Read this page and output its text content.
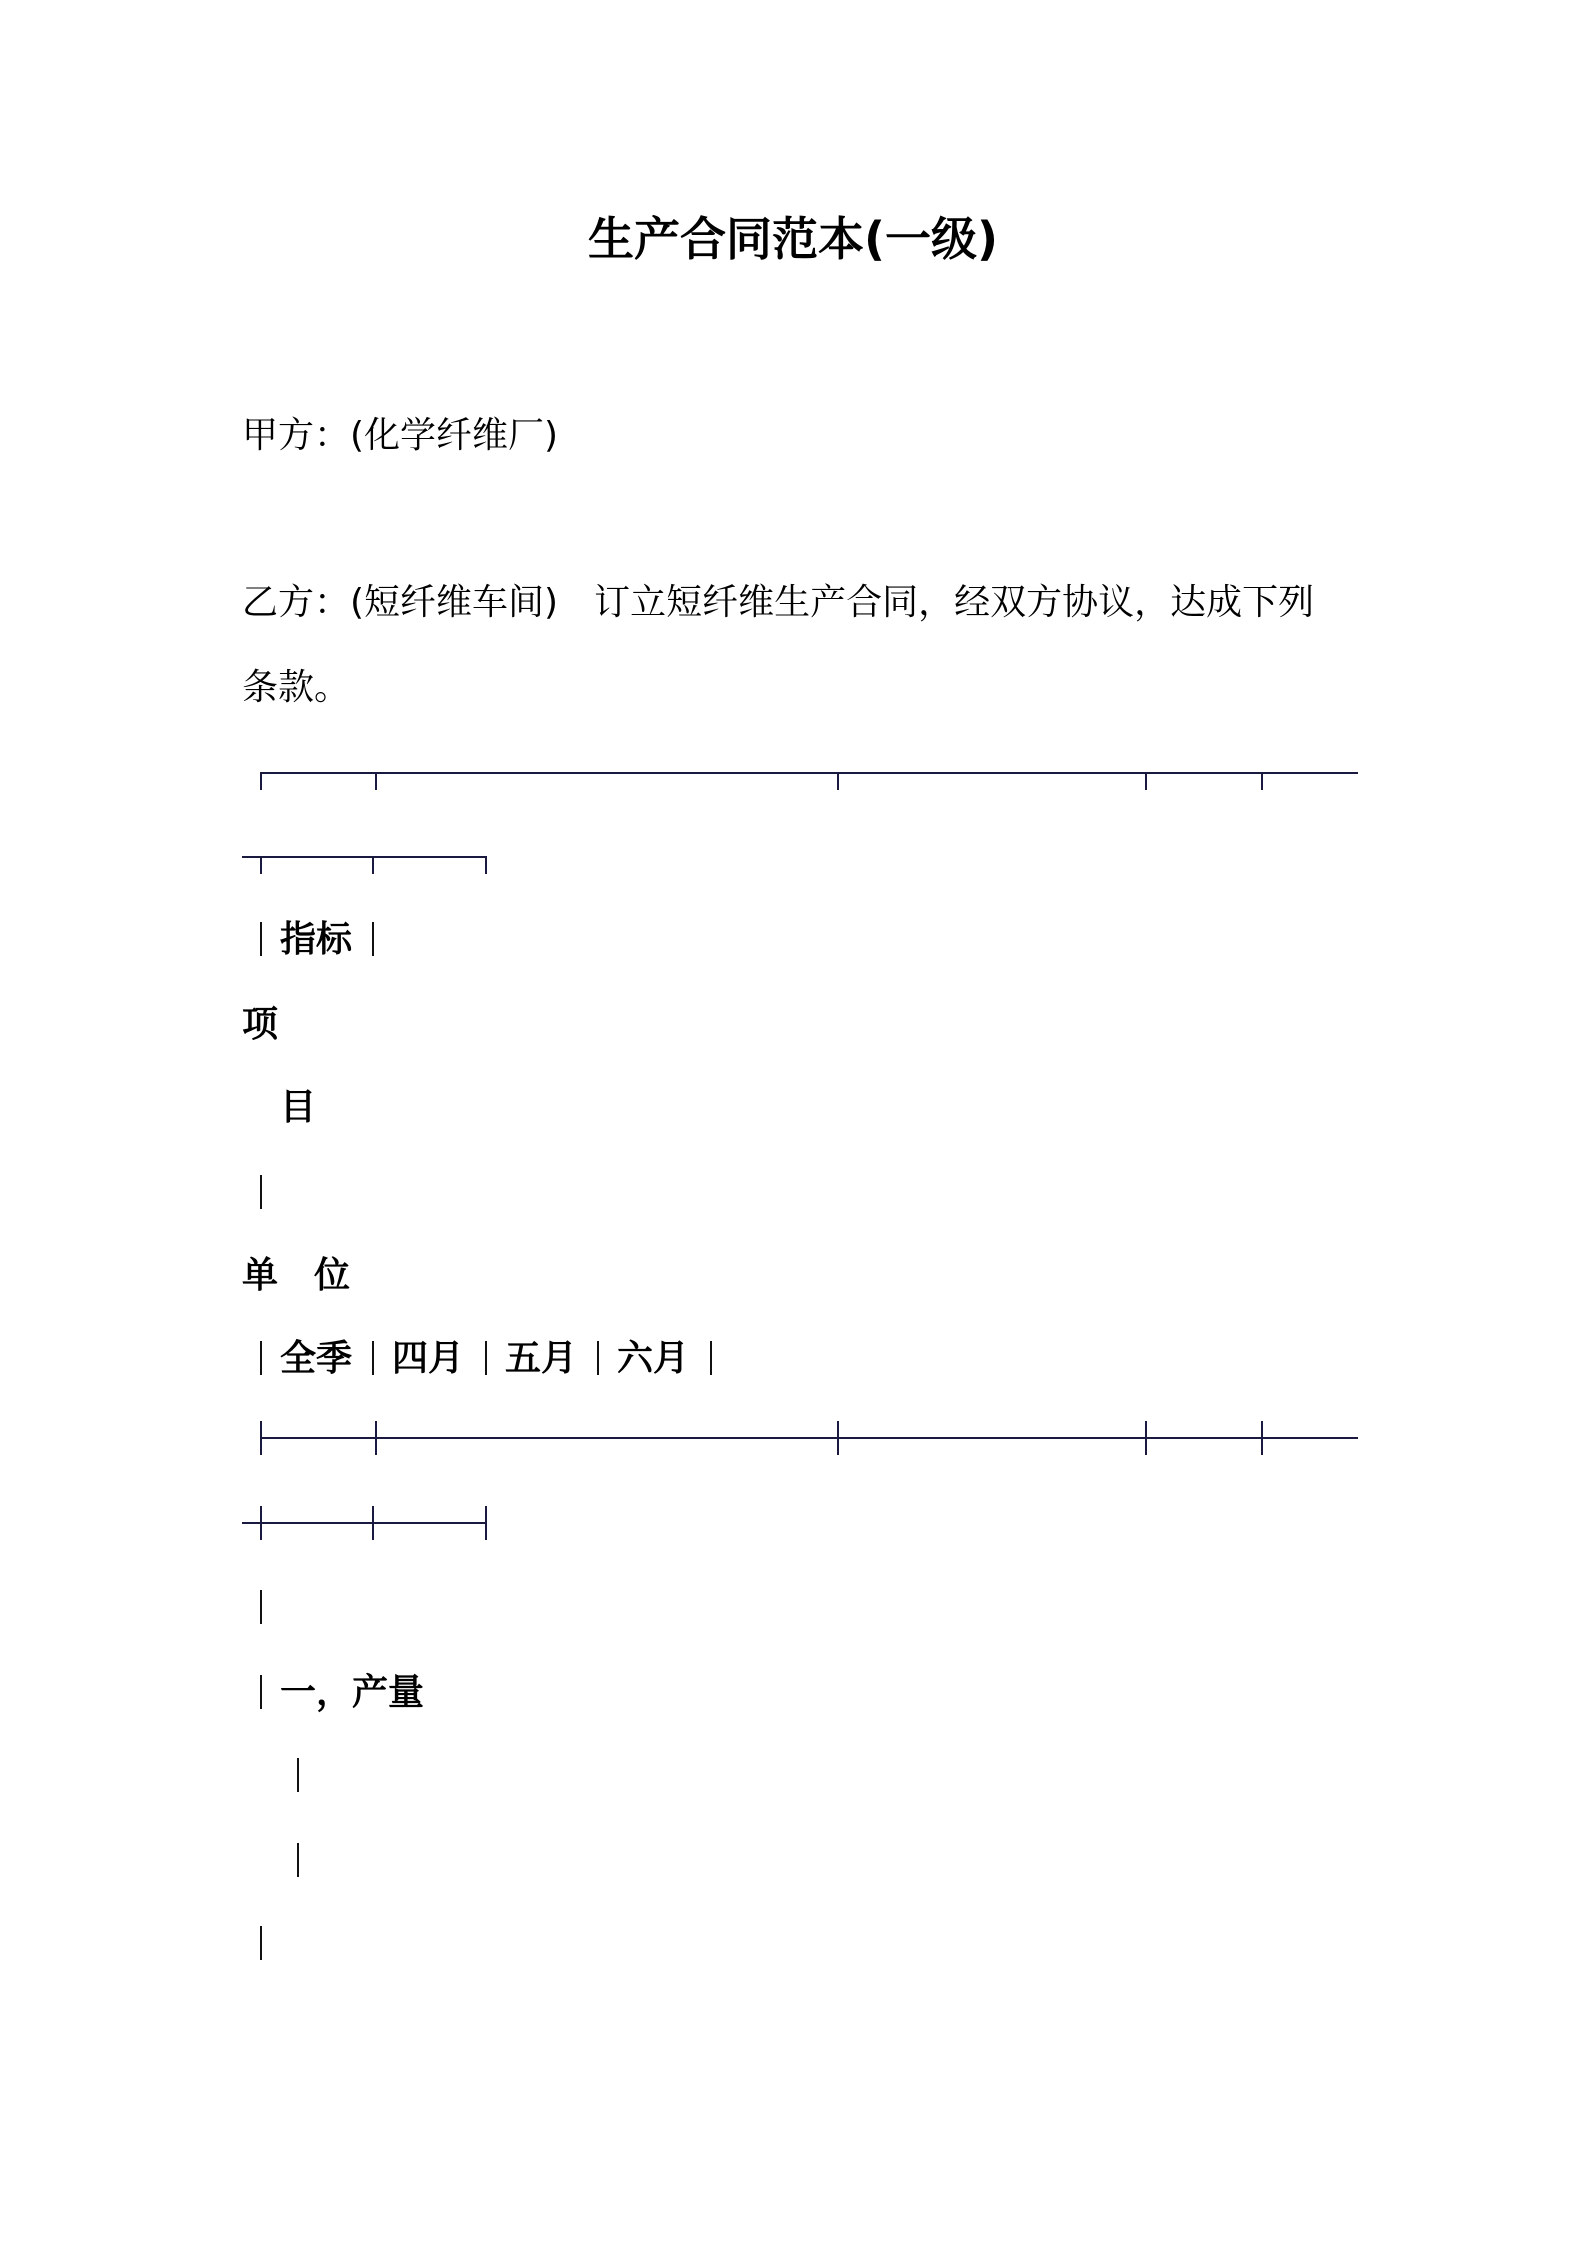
生产合同范本(一级)
甲方：(化学纤维厂)
乙方：(短纤维车间)　订立短纤维生产合同，经双方协议，达成下列
条款。
指标
项
目
单　位
全季 四月 五月 六月
一，产量
